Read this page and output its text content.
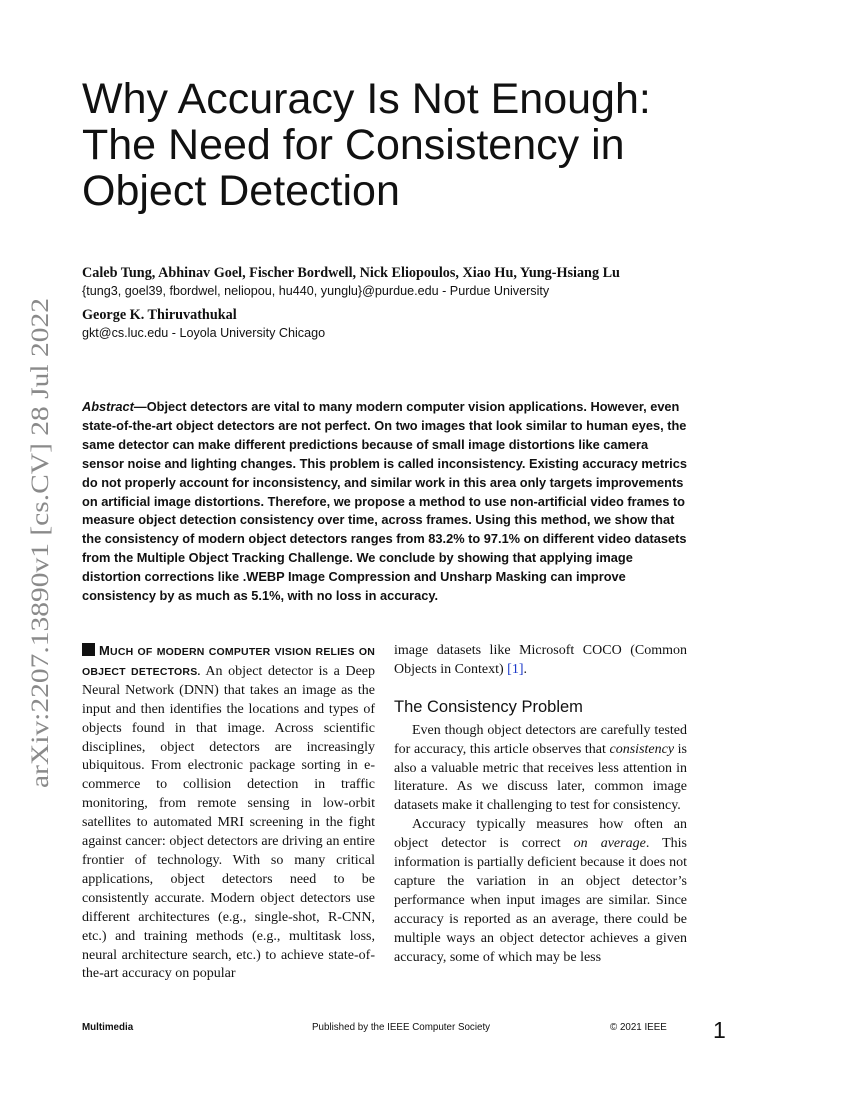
arXiv:2207.13890v1 [cs.CV] 28 Jul 2022
Why Accuracy Is Not Enough:
The Need for Consistency in
Object Detection
Caleb Tung, Abhinav Goel, Fischer Bordwell, Nick Eliopoulos, Xiao Hu, Yung-Hsiang Lu
{tung3, goel39, fbordwel, neliopou, hu440, yunglu}@purdue.edu - Purdue University
George K. Thiruvathukal
gkt@cs.luc.edu - Loyola University Chicago

Abstract—Object detectors are vital to many modern computer vision applications. However, even state-of-the-art object detectors are not perfect. On two images that look similar to human eyes, the same detector can make different predictions because of small image distortions like camera sensor noise and lighting changes. This problem is called inconsistency. Existing accuracy metrics do not properly account for inconsistency, and similar work in this area only targets improvements on artificial image distortions. Therefore, we propose a method to use non-artificial video frames to measure object detection consistency over time, across frames. Using this method, we show that the consistency of modern object detectors ranges from 83.2% to 97.1% on different video datasets from the Multiple Object Tracking Challenge. We conclude by showing that applying image distortion corrections like .WEBP Image Compression and Unsharp Masking can improve consistency by as much as 5.1%, with no loss in accuracy.

MUCH OF MODERN COMPUTER VISION RELIES ON OBJECT DETECTORS. An object detector is a Deep Neural Network (DNN) that takes an image as the input and then identifies the locations and types of objects found in that image. Across scientific disciplines, object detectors are increasingly ubiquitous. From electronic package sorting in e-commerce to collision detection in traffic monitoring, from remote sensing in low-orbit satellites to automated MRI screening in the fight against cancer: object detectors are driving an entire frontier of technology. With so many critical applications, object detectors need to be consistently accurate. Modern object detectors use different architectures (e.g., single-shot, R-CNN, etc.) and training methods (e.g., multitask loss, neural architecture search, etc.) to achieve state-of-the-art accuracy on popular

image datasets like Microsoft COCO (Common Objects in Context) [1].

The Consistency Problem

Even though object detectors are carefully tested for accuracy, this article observes that consistency is also a valuable metric that receives less attention in literature. As we discuss later, common image datasets make it challenging to test for consistency.

Accuracy typically measures how often an object detector is correct on average. This information is partially deficient because it does not capture the variation in an object detector’s performance when input images are similar. Since accuracy is reported as an average, there could be multiple ways an object detector achieves a given accuracy, some of which may be less

Multimedia	Published by the IEEE Computer Society	© 2021 IEEE 1
